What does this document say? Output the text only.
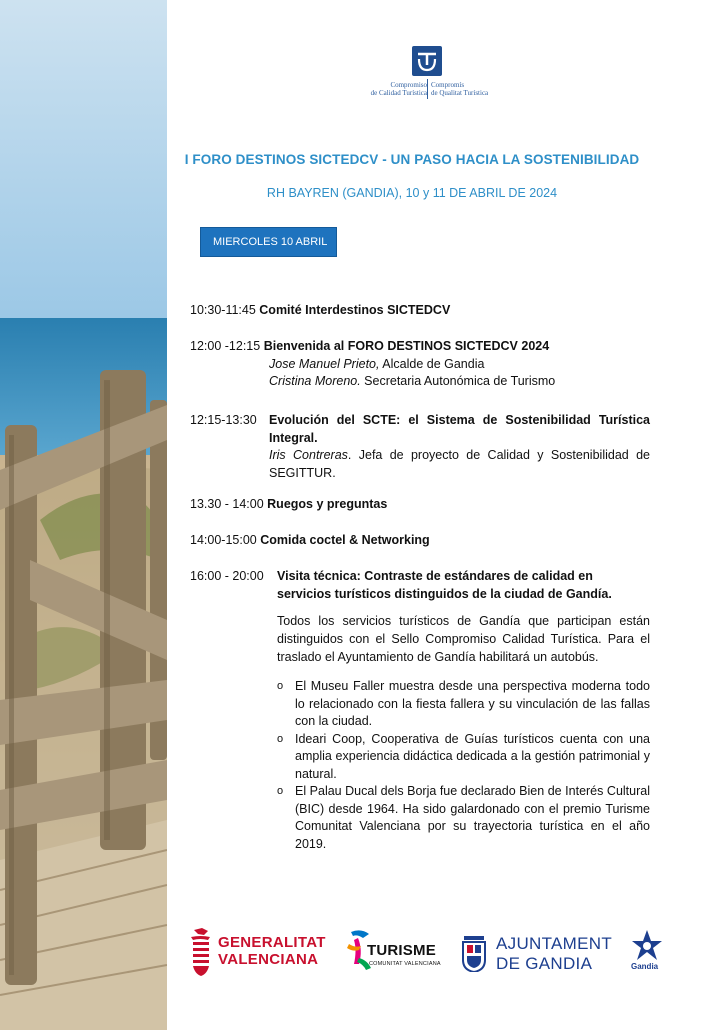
Compromiso
de Calidad Turística
Compromís
de Qualitat Turística
I FORO DESTINOS SICTEDCV - UN PASO HACIA LA SOSTENIBILIDAD
RH BAYREN (GANDIA), 10 y 11 DE ABRIL DE 2024
MIERCOLES 10 ABRIL
10:30-11:45 Comité Interdestinos SICTEDCV
12:00 -12:15 Bienvenida al FORO DESTINOS SICTEDCV 2024
Jose Manuel Prieto, Alcalde de Gandia
Cristina Moreno. Secretaria Autonómica de Turismo
12:15-13:30 Evolución del SCTE: el Sistema de Sostenibilidad Turística Integral.
Iris Contreras. Jefa de proyecto de Calidad y Sostenibilidad de SEGITTUR.
13.30 - 14:00 Ruegos y preguntas
14:00-15:00 Comida coctel & Networking
16:00 - 20:00	Visita técnica: Contraste de estándares de calidad en servicios turísticos distinguidos de la ciudad de Gandía.
Todos los servicios turísticos de Gandía que participan están distinguidos con el Sello Compromiso Calidad Turística. Para el traslado el Ayuntamiento de Gandía habilitará un autobús.
o El Museu Faller muestra desde una perspectiva moderna todo lo relacionado con la fiesta fallera y su vinculación de las fallas con la ciudad.
o Ideari Coop, Cooperativa de Guías turísticos cuenta con una amplia experiencia didáctica dedicada a la gestión patrimonial y natural.
o El Palau Ducal dels Borja fue declarado Bien de Interés Cultural (BIC) desde 1964. Ha sido galardonado con el premio Turisme Comunitat Valenciana por su trayectoria turística en el año 2019.
GENERALITAT
VALENCIANA
TURISME
COMUNITAT VALENCIANA
AJUNTAMENT
DE GANDIA	Gandia
